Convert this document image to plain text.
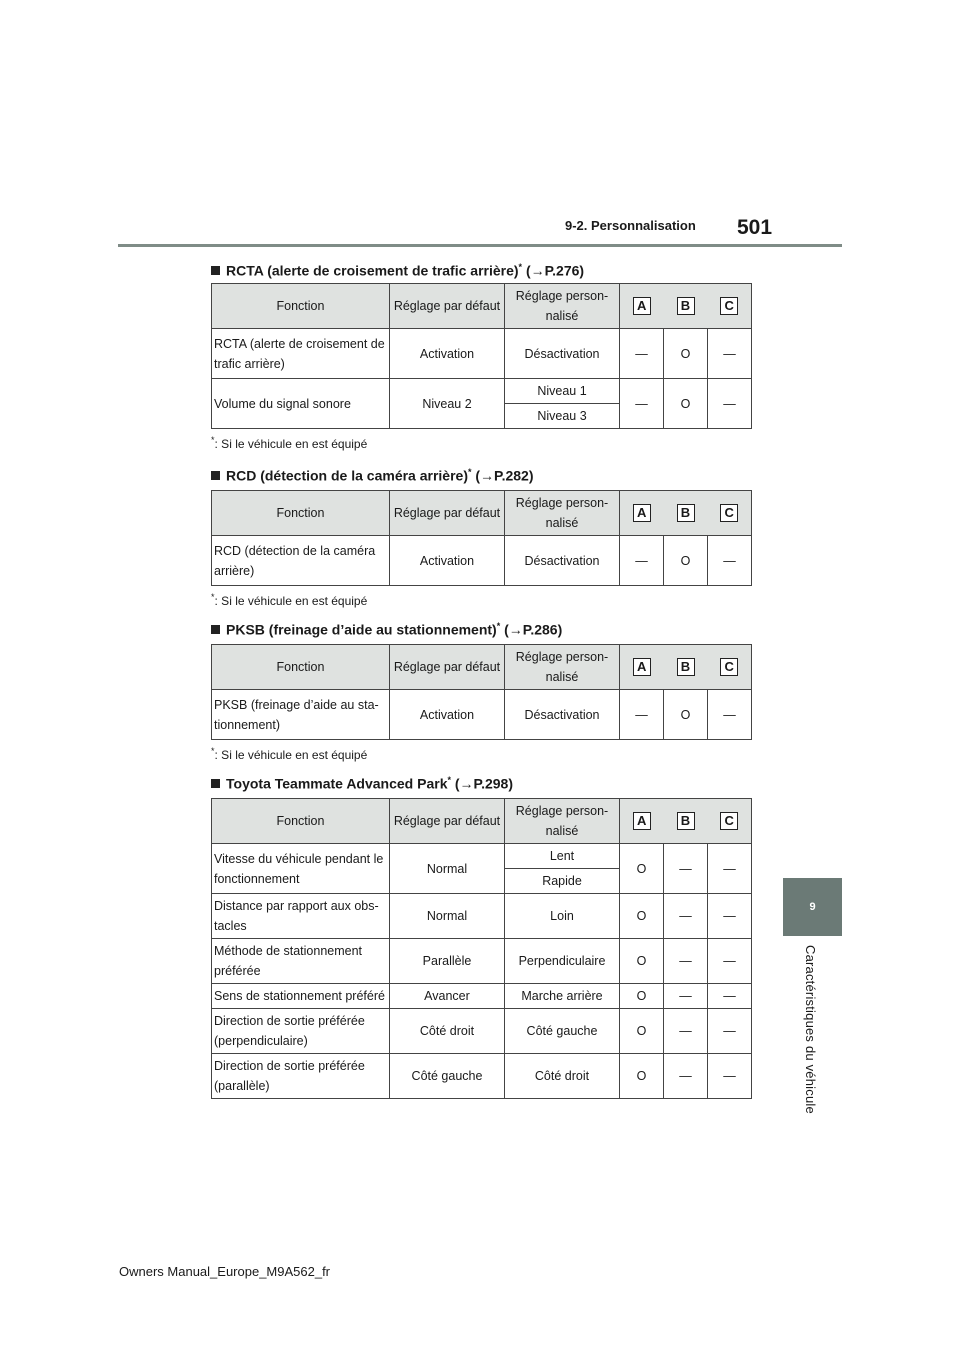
9-2. Personnalisation 501
9
Caractéristiques du véhicule
RCTA (alerte de croisement de trafic arrière)* (→P.276)
Fonction	Réglage par défaut	Réglage person-nalisé	A	B	C
RCTA (alerte de croisement de trafic arrière)	Activation	Désactivation	—	O	—
Volume du signal sonore	Niveau 2	Niveau 1	—	O	—
		Niveau 3			
*: Si le véhicule en est équipé
RCD (détection de la caméra arrière)* (→P.282)
Fonction	Réglage par défaut	Réglage person-nalisé	A	B	C
RCD (détection de la caméra arrière)	Activation	Désactivation	—	O	—
*: Si le véhicule en est équipé
PKSB (freinage d’aide au stationnement)* (→P.286)
Fonction	Réglage par défaut	Réglage person-nalisé	A	B	C
PKSB (freinage d’aide au sta-tionnement)	Activation	Désactivation	—	O	—
*: Si le véhicule en est équipé
Toyota Teammate Advanced Park* (→P.298)
Fonction	Réglage par défaut	Réglage person-nalisé	A	B	C
Vitesse du véhicule pendant le fonctionnement	Normal	Lent	O	—	—
		Rapide			
Distance par rapport aux obs-tacles	Normal	Loin	O	—	—
Méthode de stationnement préférée	Parallèle	Perpendiculaire	O	—	—
Sens de stationnement préféré	Avancer	Marche arrière	O	—	—
Direction de sortie préférée (perpendiculaire)	Côté droit	Côté gauche	O	—	—
Direction de sortie préférée (parallèle)	Côté gauche	Côté droit	O	—	—
Owners Manual_Europe_M9A562_fr
